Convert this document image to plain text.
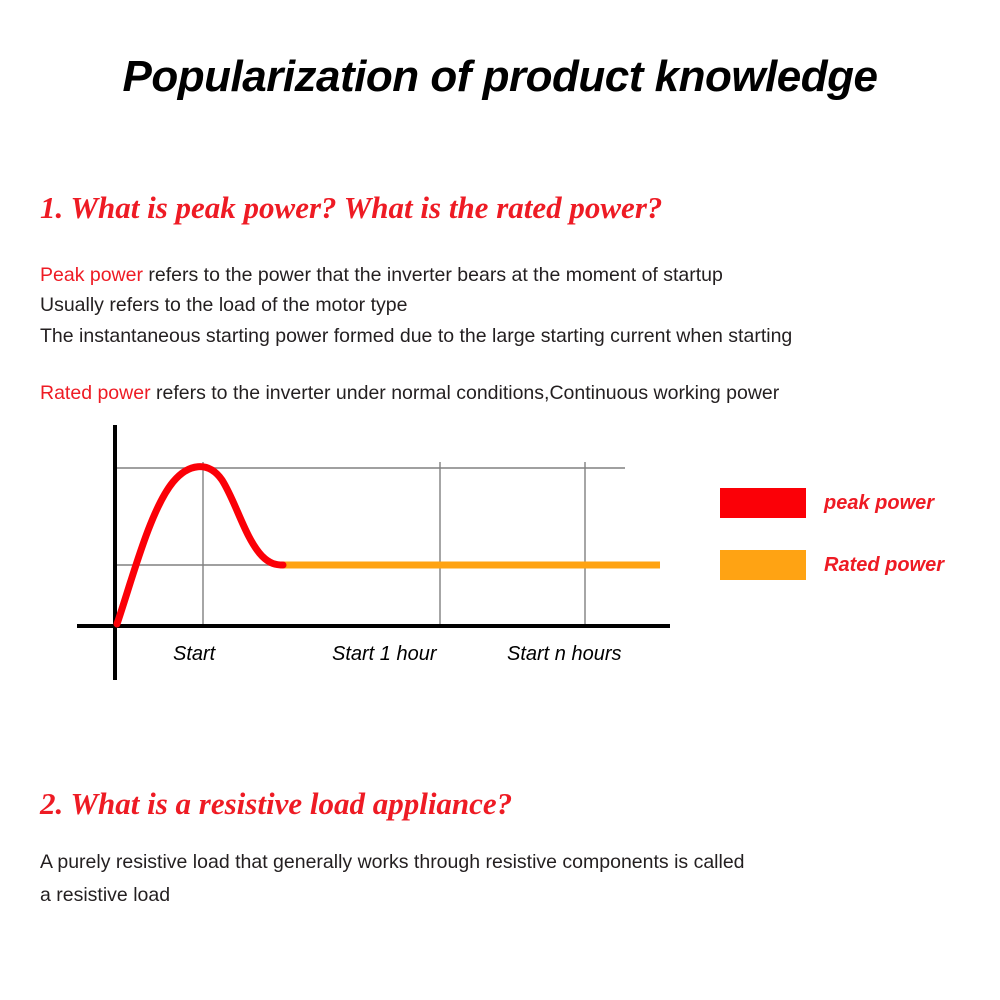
Popularization of product knowledge
1. What is peak power? What is the rated power?
Peak power refers to the power that the inverter bears at the moment of startup
Usually refers to the load of the motor type
The instantaneous starting power formed due to the large starting current when starting
Rated power refers to the inverter under normal conditions,Continuous working power
Start	Start 1 hour	Start n hours
peak power
Rated power
2. What is a resistive load appliance?
A purely resistive load that generally works through resistive components is called
a resistive load
